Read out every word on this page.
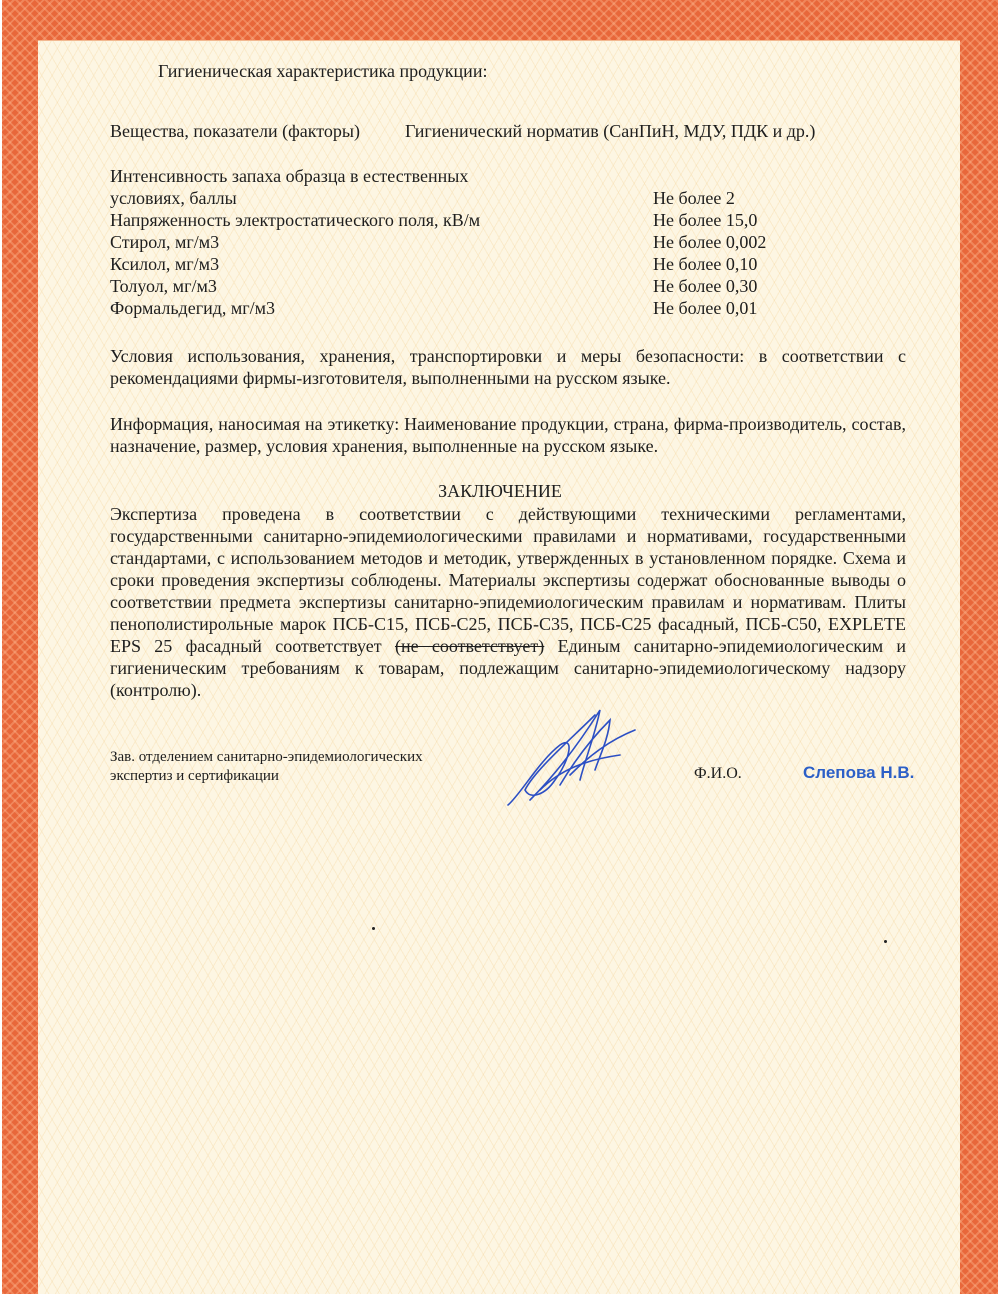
Гигиеническая характеристика продукции:
Вещества, показатели (факторы)	Гигиенический норматив (СанПиН, МДУ, ПДК и др.)
Интенсивность запаха образца в естественных
условиях, баллы	Не более 2
Напряженность электростатического поля, кВ/м	Не более 15,0
Стирол, мг/м3	Не более 0,002
Ксилол, мг/м3	Не более 0,10
Толуол, мг/м3	Не более 0,30
Формальдегид, мг/м3	Не более 0,01
Условия использования, хранения, транспортировки и меры безопасности: в соответствии с рекомендациями фирмы-изготовителя, выполненными на русском языке.
Информация, наносимая на этикетку: Наименование продукции, страна, фирма-производитель, состав, назначение, размер, условия хранения, выполненные на русском языке.
ЗАКЛЮЧЕНИЕ
Экспертиза проведена в соответствии с действующими техническими регламентами, государственными санитарно-эпидемиологическими правилами и нормативами, государственными стандартами, с использованием методов и методик, утвержденных в установленном порядке. Схема и сроки проведения экспертизы соблюдены. Материалы экспертизы содержат обоснованные выводы о соответствии предмета экспертизы санитарно-эпидемиологическим правилам и нормативам. Плиты пенополистирольные марок ПСБ-С15, ПСБ-С25, ПСБ-С35, ПСБ-С25 фасадный, ПСБ-С50, EXPLETE EPS 25 фасадный соответствует (не соответствует) Единым санитарно-эпидемиологическим и гигиеническим требованиям к товарам, подлежащим санитарно-эпидемиологическому надзору (контролю).
Зав. отделением санитарно-эпидемиологических
экспертиз и сертификации	Ф.И.О.	Слепова Н.В.
